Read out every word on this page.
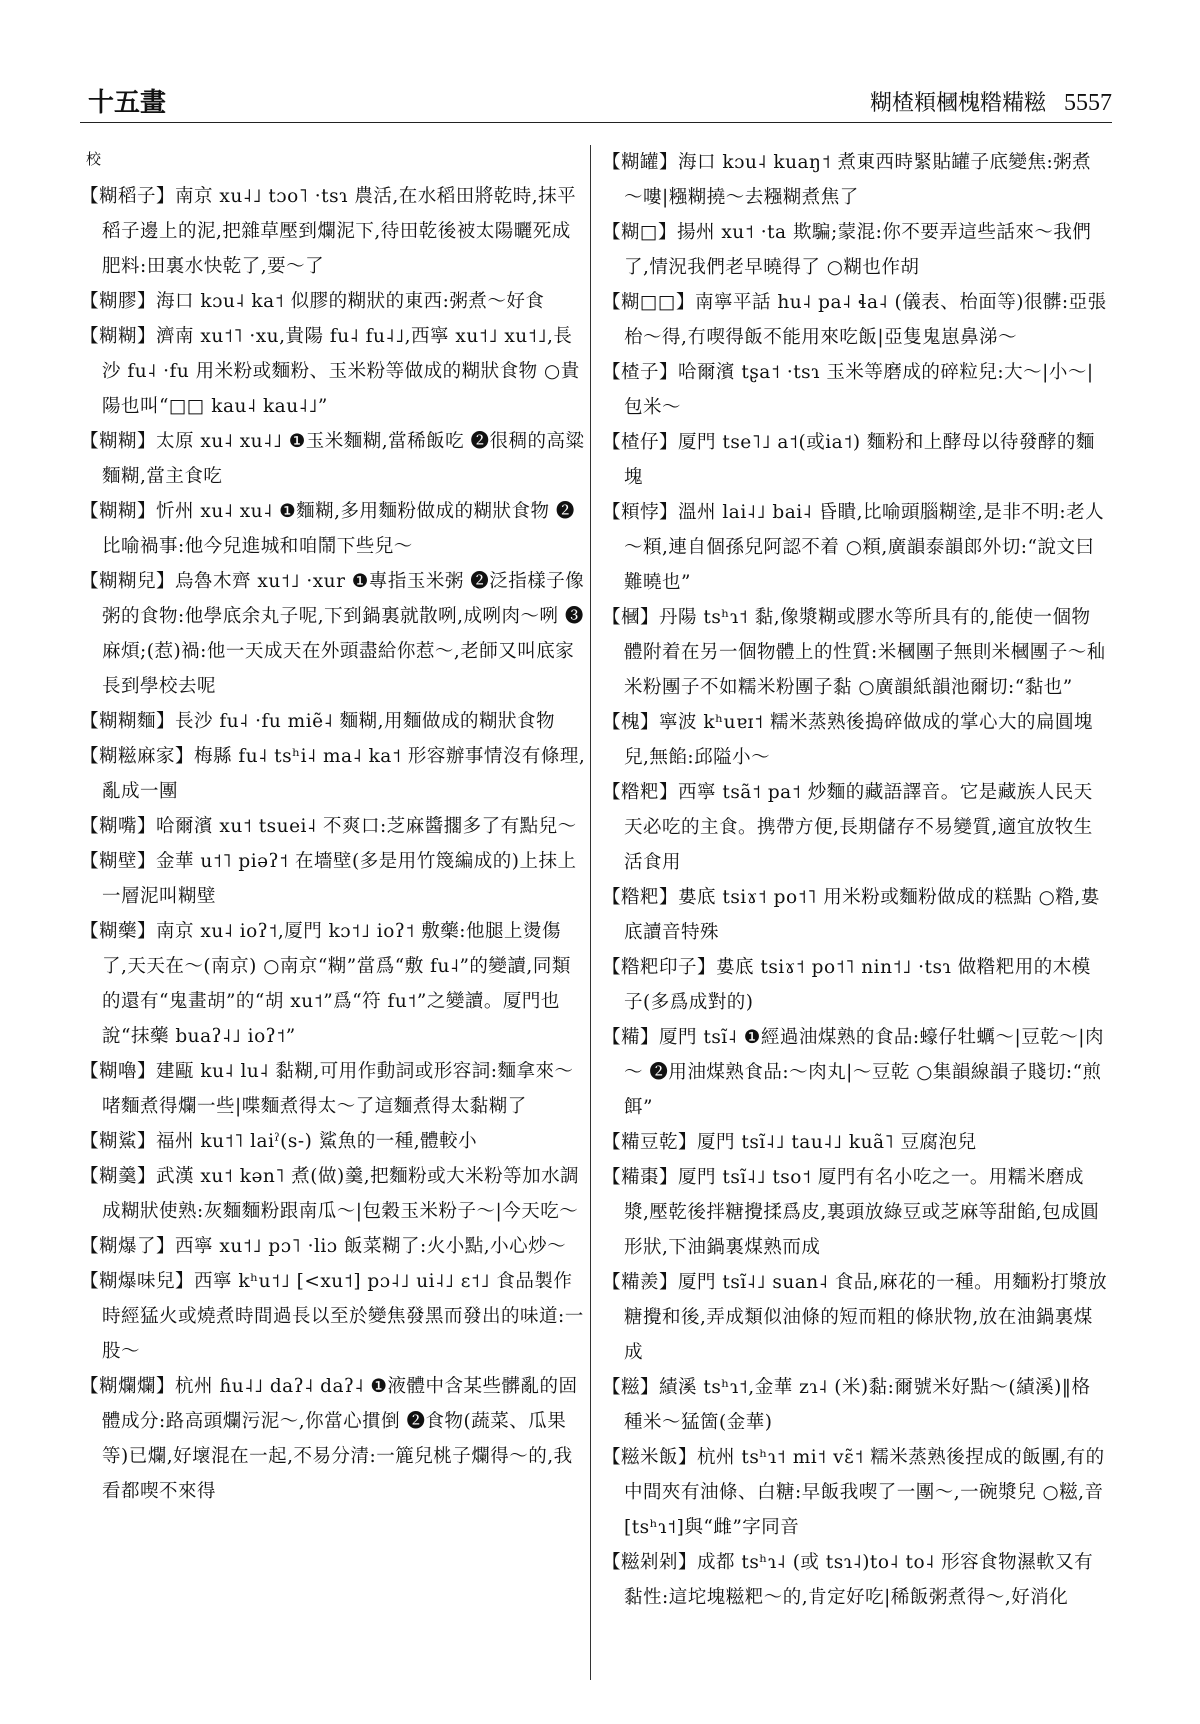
十五畫	糊楂頪槶槐糌糒糍 5557

校

【糊稻子】南京 xu˨˩ tɔo˥ ·tsɿ 農活,在水稻田將乾時,抹平稻子邊上的泥,把雜草壓到爛泥下,待田乾後被太陽曬死成肥料:田裏水快乾了,要～了

【糊膠】海口 kɔu˨ ka˦ 似膠的糊狀的東西:粥煮～好食

【糊糊】濟南 xu˦˥ ·xu,貴陽 fu˨ fu˨˩,西寧 xu˦˩ xu˦˩,長沙 fu˨ ·fu 用米粉或麵粉、玉米粉等做成的糊狀食物 ○貴陽也叫“□□ kau˨ kau˨˩”

【糊糊】太原 xu˨ xu˨˩ ❶玉米麵糊,當稀飯吃 ❷很稠的高粱麵糊,當主食吃

【糊糊】忻州 xu˨ xu˨ ❶麵糊,多用麵粉做成的糊狀食物 ❷比喻禍事:他今兒進城和咱鬧下些兒～

【糊糊兒】烏魯木齊 xu˦˩ ·xur ❶專指玉米粥 ❷泛指樣子像粥的食物:他學底余丸子呢,下到鍋裏就散咧,成咧肉～咧 ❸麻煩;(惹)禍:他一天成天在外頭盡給你惹～,老師又叫底家長到學校去呢

【糊糊麵】長沙 fu˨ ·fu miẽ˨ 麵糊,用麵做成的糊狀食物

【糊糍麻家】梅縣 fu˨ tsʰi˨ ma˨ ka˦ 形容辦事情沒有條理,亂成一團

【糊嘴】哈爾濱 xu˦ tsuei˨ 不爽口:芝麻醬擱多了有點兒～

【糊壁】金華 u˦˥ piəʔ˦ 在墻壁(多是用竹篾編成的)上抹上一層泥叫糊壁

【糊藥】南京 xu˨ ioʔ˦,厦門 kɔ˦˩ ioʔ˦ 敷藥:他腿上燙傷了,天天在～(南京) ○南京“糊”當爲“敷 fu˨”的變讀,同類的還有“鬼畫胡”的“胡 xu˦”爲“符 fu˦”之變讀。厦門也說“抹藥 buaʔ˨˩ ioʔ˦”

【糊嚕】建甌 ku˨ lu˨ 黏糊,可用作動詞或形容詞:麵拿來～啫麵煮得爛一些|喋麵煮得太～了這麵煮得太黏糊了

【糊鯊】福州 ku˦˥ laiˀ(s-) 鯊魚的一種,體較小

【糊羹】武漢 xu˦ kən˥ 煮(做)羹,把麵粉或大米粉等加水調成糊狀使熟:灰麵麵粉跟南瓜～|包穀玉米粉子～|今天吃～

【糊爆了】西寧 xu˦˩ pɔ˥ ·liɔ 飯菜糊了:火小點,小心炒～

【糊爆味兒】西寧 kʰu˦˩ [<xu˦] pɔ˨˩ ui˨˩ ɛ˦˩ 食品製作時經猛火或燒煮時間過長以至於變焦發黑而發出的味道:一股～

【糊爛爛】杭州 ɦu˨˩ daʔ˨ daʔ˨ ❶液體中含某些髒亂的固體成分:路高頭爛污泥～,你當心摜倒 ❷食物(蔬菜、瓜果等)已爛,好壞混在一起,不易分清:一簏兒桃子爛得～的,我看都喫不來得

【糊罐】海口 kɔu˨ kuaŋ˦ 煮東西時緊貼罐子底變焦:粥煮～嘍|糨糊撓～去糨糊煮焦了

【糊□】揚州 xu˦ ·ta 欺騙;蒙混:你不要弄這些話來～我們了,情況我們老早曉得了 ○糊也作胡

【糊□□】南寧平話 hu˨ pa˨ ɬa˨ (儀表、枱面等)很髒:亞張枱～得,冇喫得飯不能用來吃飯|亞隻鬼崽鼻涕～

【楂子】哈爾濱 tʂa˦ ·tsɿ 玉米等磨成的碎粒兒:大～|小～|包米～

【楂仔】厦門 tse˥˩ a˦(或ia˦) 麵粉和上酵母以待發酵的麵塊

【頪悖】溫州 lai˨˩ bai˨ 昏瞶,比喻頭腦糊塗,是非不明:老人～頪,連自個孫兒阿認不着 ○頪,廣韻泰韻郎外切:“說文曰難曉也”

【槶】丹陽 tsʰɿ˦ 黏,像漿糊或膠水等所具有的,能使一個物體附着在另一個物體上的性質:米槶團子無則米槶團子～秈米粉團子不如糯米粉團子黏 ○廣韻紙韻池爾切:“黏也”

【槐】寧波 kʰuɐɪ˦ 糯米蒸熟後搗碎做成的掌心大的扁圓塊兒,無餡:邱隘小～

【糌粑】西寧 tsã˦ pa˦ 炒麵的藏語譯音。它是藏族人民天天必吃的主食。携帶方便,長期儲存不易變質,適宜放牧生活食用

【糌粑】婁底 tsiɤ˦ po˦˥ 用米粉或麵粉做成的糕點 ○糌,婁底讀音特殊

【糌粑印子】婁底 tsiɤ˦ po˦˥ nin˦˩ ·tsɿ 做糌粑用的木模子(多爲成對的)

【糒】厦門 tsĩ˨ ❶經過油煤熟的食品:蠔仔牡蠣～|豆乾～|肉～ ❷用油煤熟食品:～肉丸|～豆乾 ○集韻線韻子賤切:“煎餌”

【糒豆乾】厦門 tsĩ˨˩ tau˨˩ kuã˥ 豆腐泡兒

【糒棗】厦門 tsĩ˨˩ tso˦ 厦門有名小吃之一。用糯米磨成漿,壓乾後拌糖攪揉爲皮,裏頭放綠豆或芝麻等甜餡,包成圓形狀,下油鍋裏煤熟而成

【糒羨】厦門 tsĩ˨˩ suan˨ 食品,麻花的一種。用麵粉打漿放糖攪和後,弄成類似油條的短而粗的條狀物,放在油鍋裏煤成

【糍】績溪 tsʰɿ˦,金華 zɿ˨ (米)黏:爾號米好點～(績溪)‖格種米～猛箇(金華)

【糍米飯】杭州 tsʰɿ˦ mi˦ vɛ̃˦ 糯米蒸熟後捏成的飯團,有的中間夾有油條、白糖:早飯我喫了一團～,一碗漿兒 ○糍,音[tsʰɿ˦]與“雌”字同音

【糍剁剁】成都 tsʰɿ˨ (或 tsɿ˨)to˨ to˨ 形容食物濕軟又有黏性:這坨塊糍粑～的,肯定好吃|稀飯粥煮得～,好消化
